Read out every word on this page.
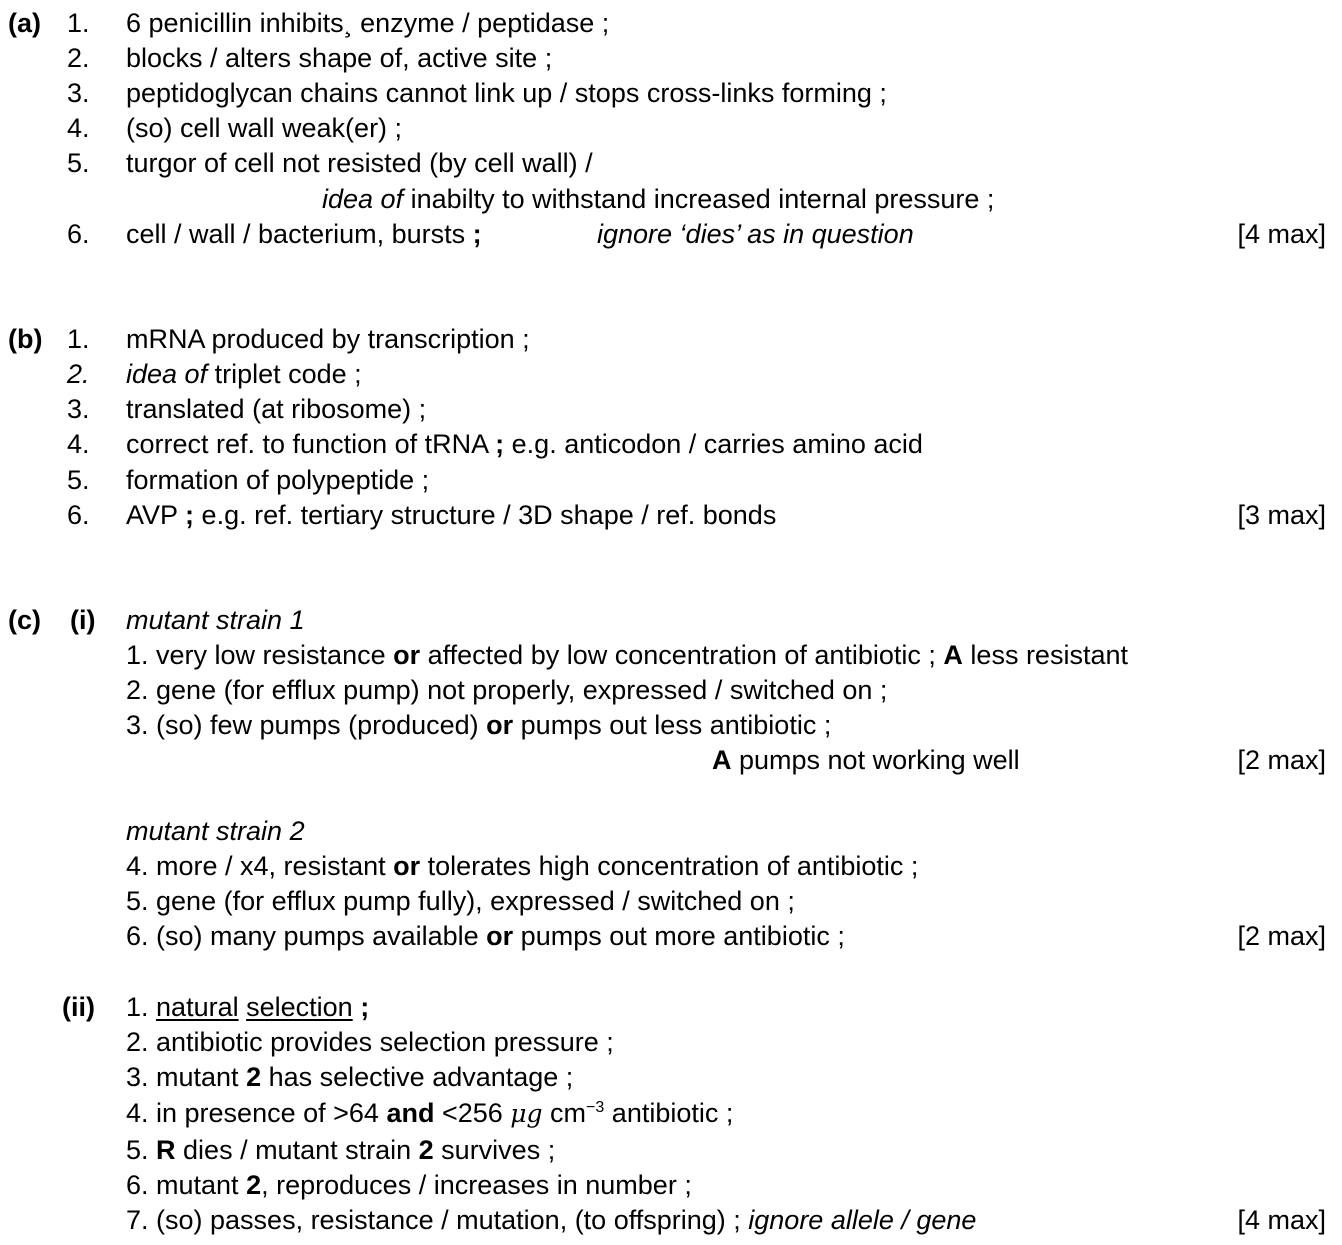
(a) 1. 6 penicillin inhibits¸ enzyme / peptidase ;
2. blocks / alters shape of, active site ;
3. peptidoglycan chains cannot link up / stops cross-links forming ;
4. (so) cell wall weak(er) ;
5. turgor of cell not resisted (by cell wall) /
idea of inabilty to withstand increased internal pressure ;
6. cell / wall / bacterium, bursts ;	ignore ‘dies’ as in question	[4 max]
(b) 1. mRNA produced by transcription ;
2. idea of triplet code ;
3. translated (at ribosome) ;
4. correct ref. to function of tRNA ; e.g. anticodon / carries amino acid
5. formation of polypeptide ;
6. AVP ; e.g. ref. tertiary structure / 3D shape / ref. bonds	[3 max]
(c) (i) mutant strain 1
1. very low resistance or affected by low concentration of antibiotic ; A less resistant
2. gene (for efflux pump) not properly, expressed / switched on ;
3. (so) few pumps (produced) or pumps out less antibiotic ;
A pumps not working well	[2 max]
mutant strain 2
4. more / x4, resistant or tolerates high concentration of antibiotic ;
5. gene (for efflux pump fully), expressed / switched on ;
6. (so) many pumps available or pumps out more antibiotic ;	[2 max]
(ii) 1. natural selection ;
2. antibiotic provides selection pressure ;
3. mutant 2 has selective advantage ;
4. in presence of >64 and <256 μg $cm^{-3}$ antibiotic ;
5. R dies / mutant strain 2 survives ;
6. mutant 2, reproduces / increases in number ;
7. (so) passes, resistance / mutation, (to offspring) ; ignore allele / gene	[4 max]
